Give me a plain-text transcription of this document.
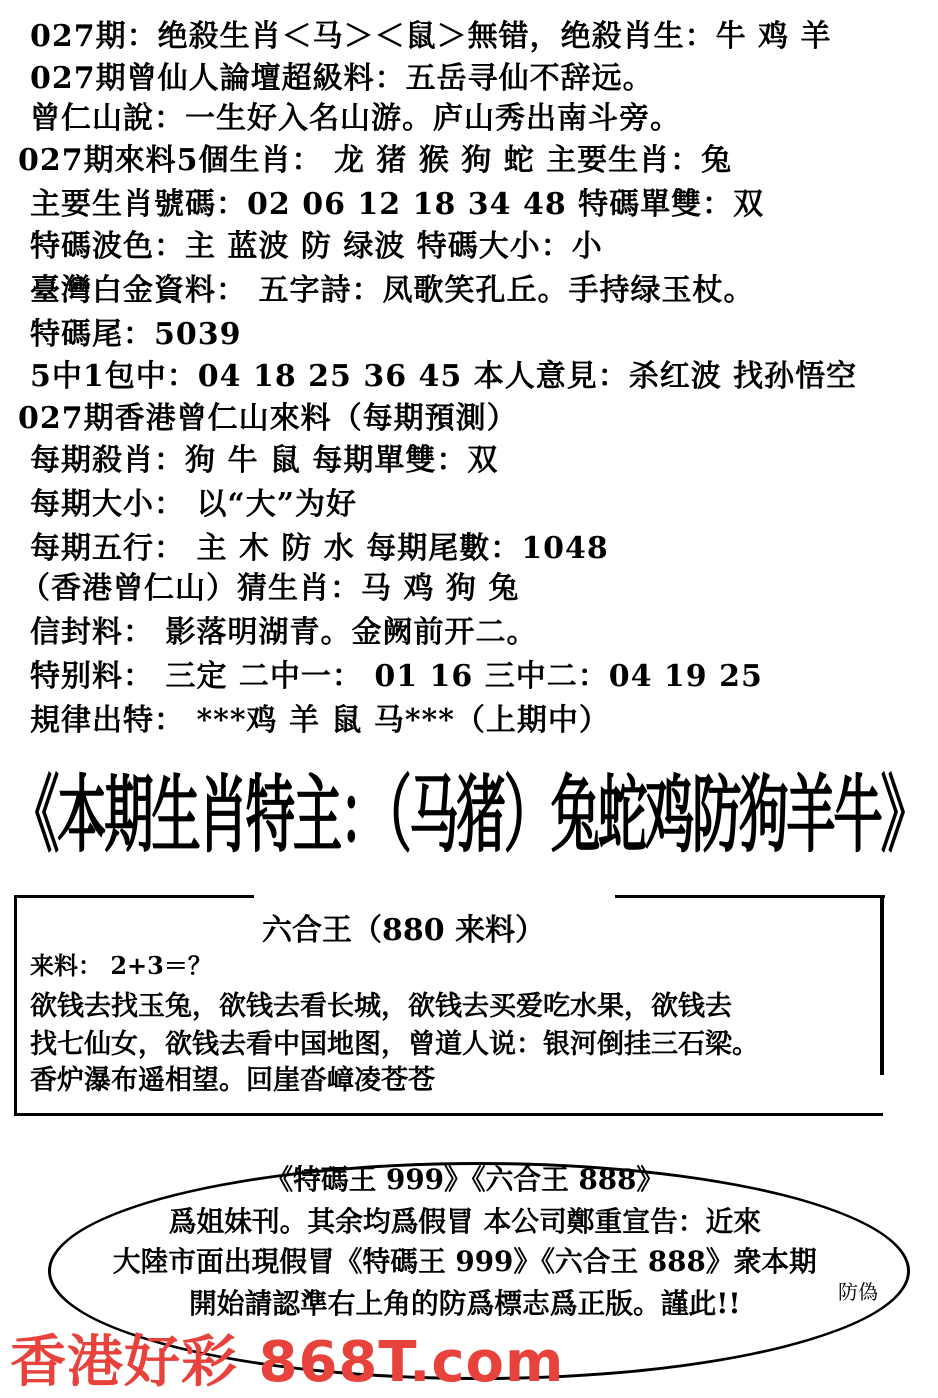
027期：绝殺生肖＜马＞＜鼠＞無错，绝殺肖生：牛 鸡 羊
027期曾仙人論壇超級料：五岳寻仙不辞远。
曾仁山說：一生好入名山游。庐山秀出南斗旁。
027期來料5個生肖： 龙 猪 猴 狗 蛇 主要生肖：兔
主要生肖號碼：02 06 12 18 34 48 特碼單雙：双
特碼波色：主 蓝波 防 绿波 特碼大小：小
臺灣白金資料： 五字詩：凤歌笑孔丘。手持绿玉杖。
特碼尾：5039
5中1包中：04 18 25 36 45 本人意見：杀红波 找孙悟空
027期香港曾仁山來料（每期預測）
每期殺肖：狗 牛 鼠 每期單雙：双
每期大小： 以“大”为好
每期五行： 主 木 防 水 每期尾數：1048
（香港曾仁山）猜生肖：马 鸡 狗 兔
信封料： 影落明湖青。金阙前开二。
特别料： 三定 二中一： 01 16 三中二：04 19 25
規律出特： ***鸡 羊 鼠 马***（上期中）
《本期生肖特主：（马猪）兔蛇鸡防狗羊牛》
六合王（880 来料）
来料： 2+3＝？
欲钱去找玉兔，欲钱去看长城，欲钱去买爱吃水果，欲钱去
找七仙女，欲钱去看中国地图，曾道人说：银河倒挂三石梁。
香炉瀑布遥相望。回崖沓嶂凌苍苍
《特碼王 999》《六合王 888》
爲姐妹刊。其余均爲假冒 本公司鄭重宣告：近來
大陸市面出現假冒《特碼王 999》《六合王 888》衆本期
開始請認準右上角的防爲標志爲正版。謹此!!	防偽
香港好彩 868T.com
